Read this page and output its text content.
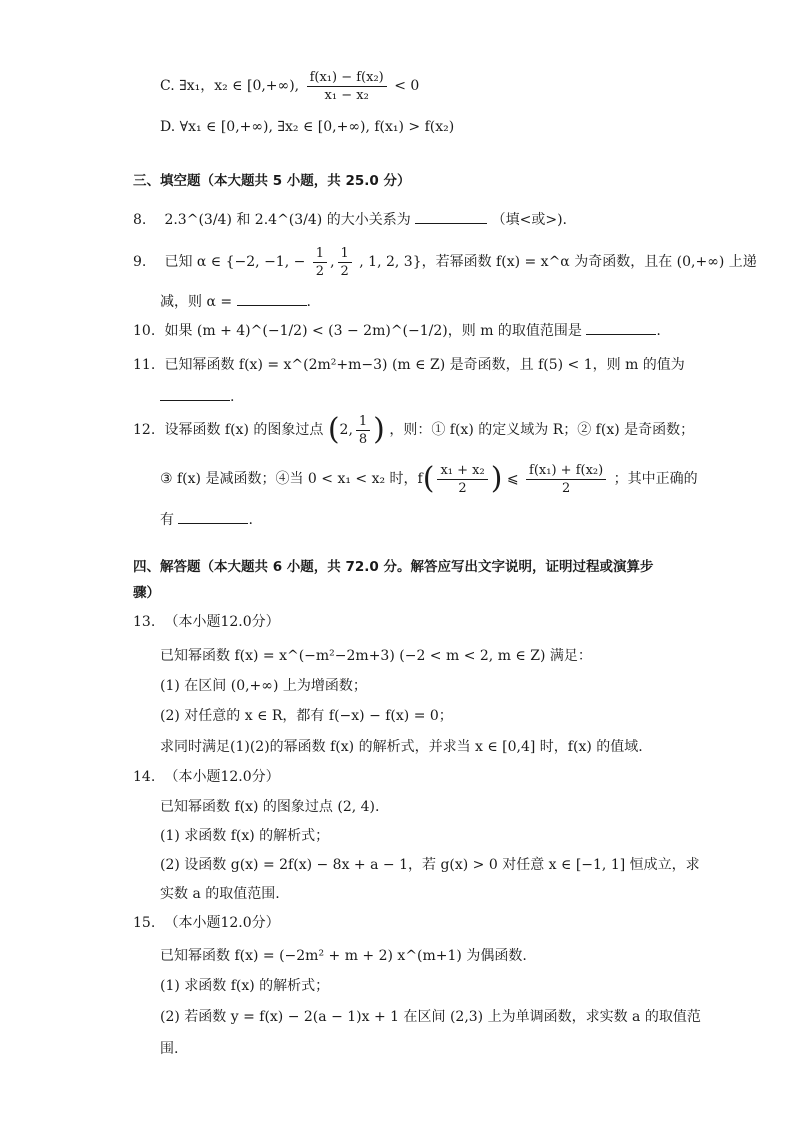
C. ∃x₁，x₂ ∈ [0,+∞), $\frac{\text{f(x₁) − f(x₂)}}{\text{x₁ − x₂}} < 0$
D. ∀x₁ ∈ [0,+∞), ∃x₂ ∈ [0,+∞), f(x₁) > f(x₂)
三、填空题（本大题共 5 小题，共 25.0 分）
8. 2.3^(3/4) 和 2.4^(3/4) 的大小关系为	（填<或>).
9. 已知 α ∈ {−2, −1, − $\frac{1}{2}$ , $\frac{1}{2}$ , 1, 2, 3}，若幂函数 f(x) = x^α 为奇函数，且在 (0,+∞) 上递
减，则 α =	.
10. 如果 (m + 4)^(−1/2) < (3 − 2m)^(−1/2)，则 m 的取值范围是	.
11. 已知幂函数 f(x) = x^(2m²+m−3) (m ∈ Z) 是奇函数，且 f(5) < 1，则 m 的值为
.
12. 设幂函数 f(x) 的图象过点 (2, $\frac{1}{8}$ ) ，则：① f(x) 的定义域为 R；② f(x) 是奇函数；
③ f(x) 是减函数；④当 0 < x₁ < x₂ 时，$f( \frac{\text{x₁ + x₂}}{2}$ ) ⩽ $\frac{\text{f(x₁) + f(x₂)}}{2}$ ；其中正确的
有	.
四、解答题（本大题共 6 小题，共 72.0 分。解答应写出文字说明，证明过程或演算步
骤）
13. （本小题12.0分）
已知幂函数 f(x) = x^(−m²−2m+3) (−2 < m < 2, m ∈ Z) 满足：
(1) 在区间 (0,+∞) 上为增函数；
(2) 对任意的 x ∈ R，都有 f(−x) − f(x) = 0；
求同时满足(1)(2)的幂函数 f(x) 的解析式，并求当 x ∈ [0,4] 时，f(x) 的值域.
14. （本小题12.0分）
已知幂函数 f(x) 的图象过点 (2, 4).
(1) 求函数 f(x) 的解析式；
(2) 设函数 g(x) = 2f(x) − 8x + a − 1，若 g(x) > 0 对任意 x ∈ [−1, 1] 恒成立，求
实数 a 的取值范围.
15. （本小题12.0分）
已知幂函数 f(x) = (−2m² + m + 2) x^(m+1) 为偶函数.
(1) 求函数 f(x) 的解析式；
(2) 若函数 y = f(x) − 2(a − 1)x + 1 在区间 (2,3) 上为单调函数，求实数 a 的取值范
围.
